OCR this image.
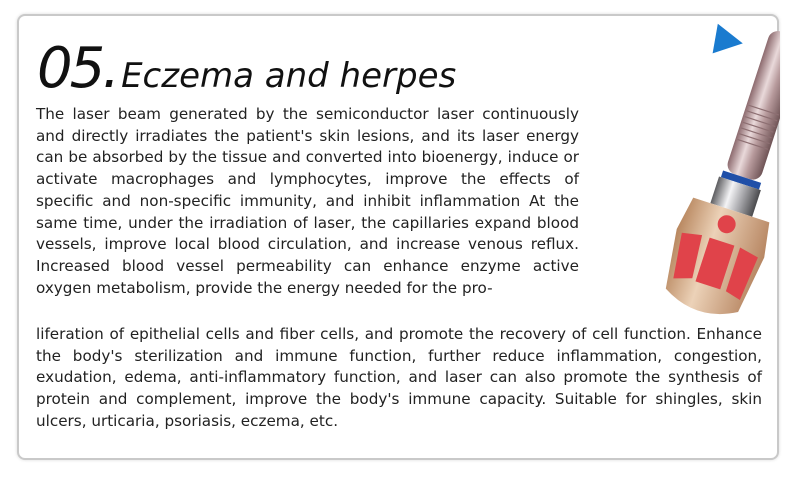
05. Eczema and herpes
The laser beam generated by the semiconductor laser continuously and directly irradiates the patient's skin lesions, and its laser energy can be absorbed by the tissue and converted into bioenergy, induce or activate macrophages and lymphocytes, improve the effects of specific and non-specific immunity, and inhibit inflammation At the same time, under the irradiation of laser, the capillaries expand blood vessels, improve local blood circulation, and increase venous reflux. Increased blood vessel permeability can enhance enzyme active oxygen metabolism, provide the energy needed for the pro-
liferation of epithelial cells and fiber cells, and promote the recovery of cell function. Enhance the body's sterilization and immune function, further reduce inflammation, congestion, exudation, edema, anti-inflammatory function, and laser can also promote the synthesis of protein and complement, improve the body's immune capacity. Suitable for shingles, skin ulcers, urticaria, psoriasis, eczema, etc.
